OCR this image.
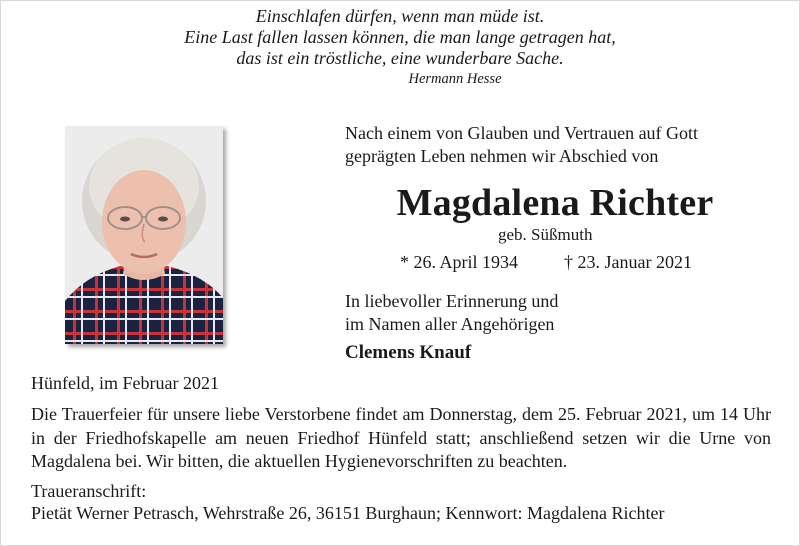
Einschlafen dürfen, wenn man müde ist.
Eine Last fallen lassen können, die man lange getragen hat,
das ist ein tröstliche, eine wunderbare Sache.
Hermann Hesse
Nach einem von Glauben und Vertrauen auf Gott
geprägten Leben nehmen wir Abschied von
Magdalena Richter
geb. Süßmuth
* 26. April 1934	† 23. Januar 2021
In liebevoller Erinnerung und
im Namen aller Angehörigen
Clemens Knauf
Hünfeld, im Februar 2021
Die Trauerfeier für unsere liebe Verstorbene findet am Donnerstag, dem 25. Februar 2021, um 14 Uhr in der Friedhofskapelle am neuen Friedhof Hünfeld statt; anschließend setzen wir die Urne von Magdalena bei. Wir bitten, die aktuellen Hygienevorschriften zu beachten.
Traueranschrift:
Pietät Werner Petrasch, Wehrstraße 26, 36151 Burghaun; Kennwort: Magdalena Richter
